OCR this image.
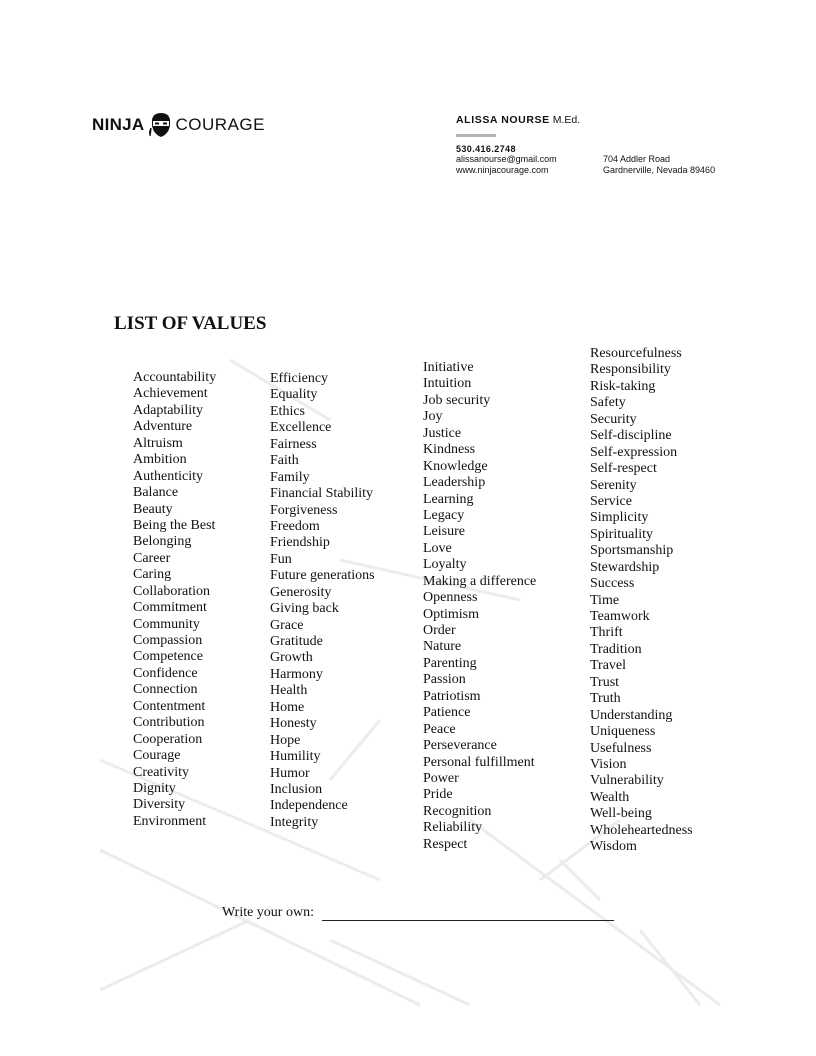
NINJA COURAGE	ALISSA NOURSE M.Ed.
530.416.2748
alissanourse@gmail.com	704 Addler Road
www.ninjacourage.com	Gardnerville, Nevada 89460
LIST OF VALUES
Accountability
Achievement
Adaptability
Adventure
Altruism
Ambition
Authenticity
Balance
Beauty
Being the Best
Belonging
Career
Caring
Collaboration
Commitment
Community
Compassion
Competence
Confidence
Connection
Contentment
Contribution
Cooperation
Courage
Creativity
Dignity
Diversity
Environment
Efficiency
Equality
Ethics
Excellence
Fairness
Faith
Family
Financial Stability
Forgiveness
Freedom
Friendship
Fun
Future generations
Generosity
Giving back
Grace
Gratitude
Growth
Harmony
Health
Home
Honesty
Hope
Humility
Humor
Inclusion
Independence
Integrity
Initiative
Intuition
Job security
Joy
Justice
Kindness
Knowledge
Leadership
Learning
Legacy
Leisure
Love
Loyalty
Making a difference
Openness
Optimism
Order
Nature
Parenting
Passion
Patriotism
Patience
Peace
Perseverance
Personal fulfillment
Power
Pride
Recognition
Reliability
Respect
Resourcefulness
Responsibility
Risk-taking
Safety
Security
Self-discipline
Self-expression
Self-respect
Serenity
Service
Simplicity
Spirituality
Sportsmanship
Stewardship
Success
Time
Teamwork
Thrift
Tradition
Travel
Trust
Truth
Understanding
Uniqueness
Usefulness
Vision
Vulnerability
Wealth
Well-being
Wholeheartedness
Wisdom
Write your own:
